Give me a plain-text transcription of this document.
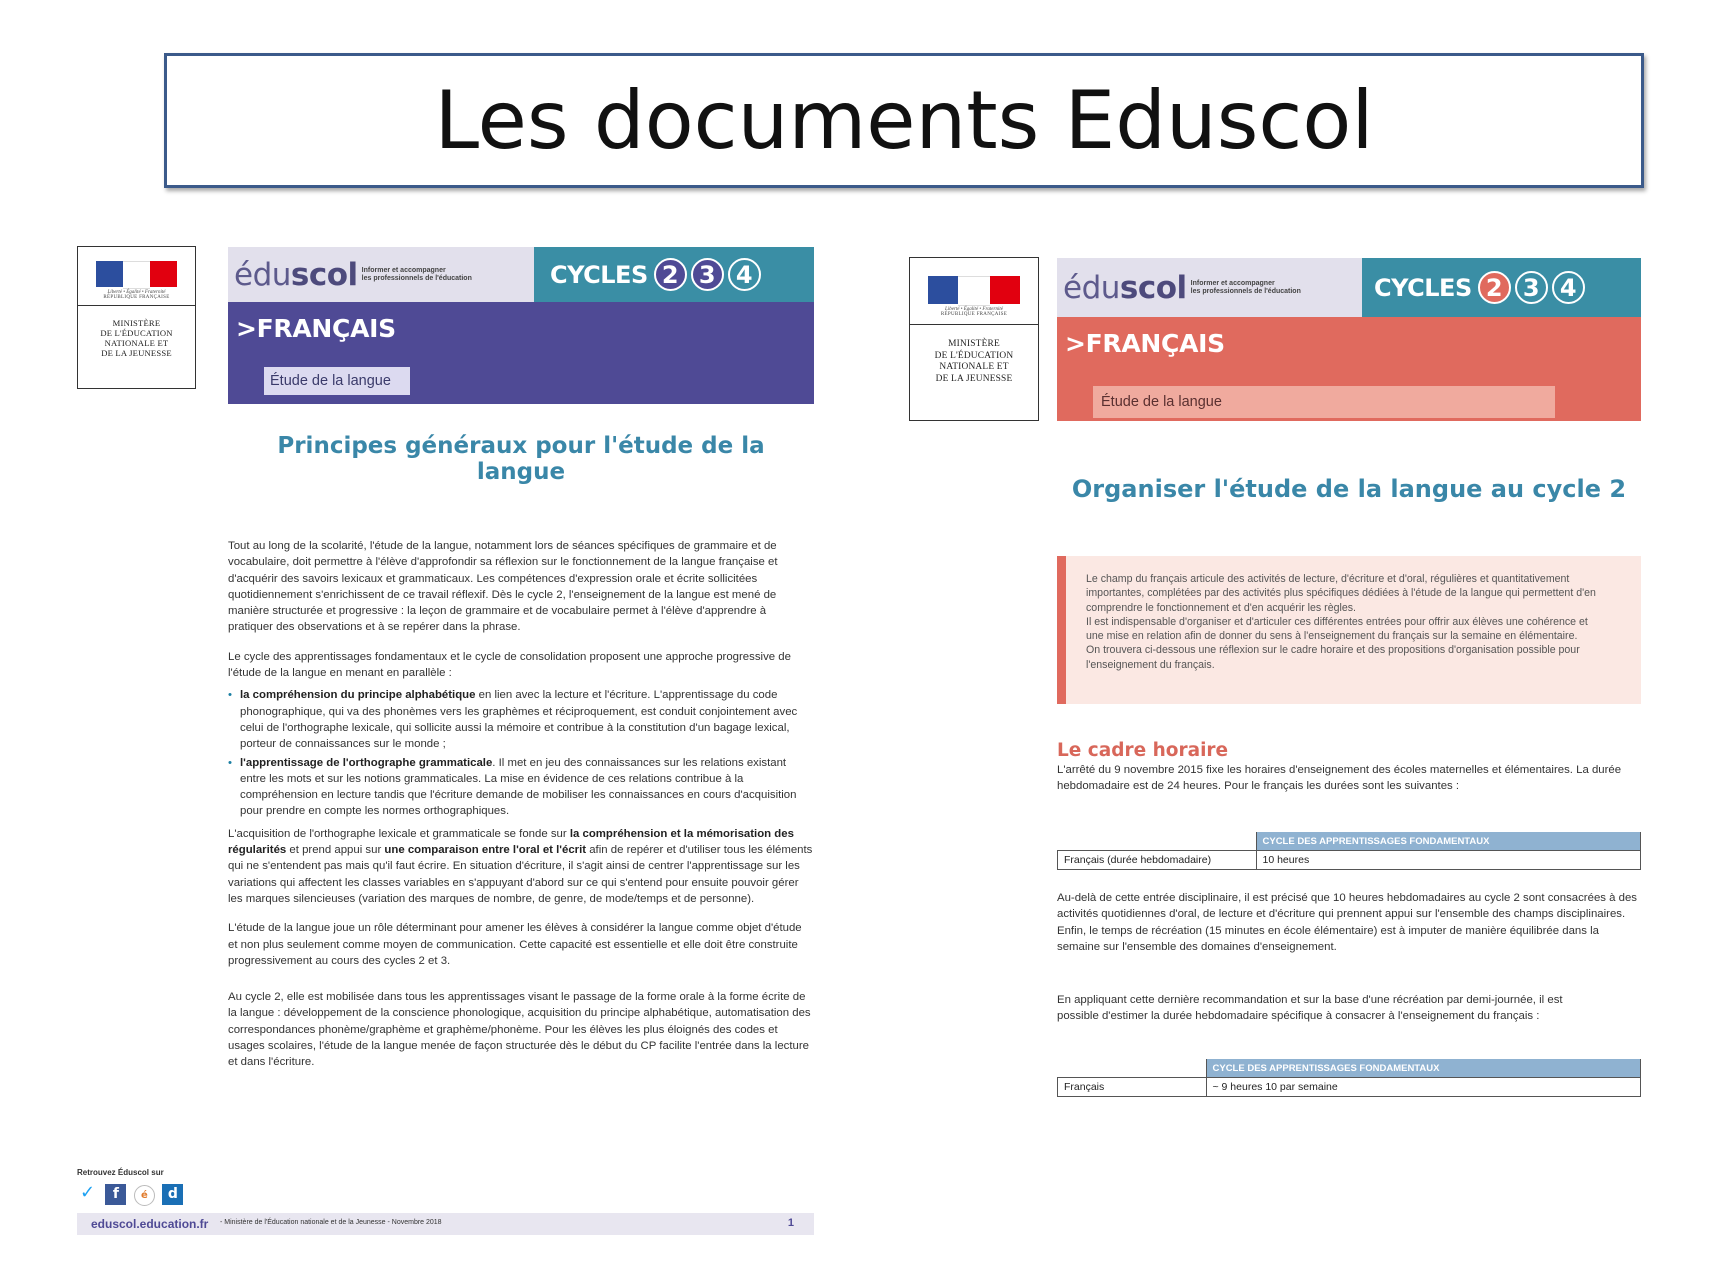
Les documents Eduscol
Liberté • Égalité • Fraternité
RÉPUBLIQUE FRANÇAISE
MINISTÈRE
DE L'ÉDUCATION
NATIONALE ET
DE LA JEUNESSE
éduscol Informer et accompagner
les professionnels de l'éducation	CYCLES 2 3 4
>FRANÇAIS
Étude de la langue
Principes généraux pour l'étude de la
langue

Tout au long de la scolarité, l'étude de la langue, notamment lors de séances spécifiques de grammaire et de vocabulaire, doit permettre à l'élève d'approfondir sa réflexion sur le fonctionnement de la langue française et d'acquérir des savoirs lexicaux et grammaticaux. Les compétences d'expression orale et écrite sollicitées quotidiennement s'enrichissent de ce travail réflexif. Dès le cycle 2, l'enseignement de la langue est mené de manière structurée et progressive : la leçon de grammaire et de vocabulaire permet à l'élève d'apprendre à pratiquer des observations et à se repérer dans la phrase.

Le cycle des apprentissages fondamentaux et le cycle de consolidation proposent une approche progressive de l'étude de la langue en menant en parallèle :

• la compréhension du principe alphabétique en lien avec la lecture et l'écriture. L'apprentissage du code phonographique, qui va des phonèmes vers les graphèmes et réciproquement, est conduit conjointement avec celui de l'orthographe lexicale, qui sollicite aussi la mémoire et contribue à la constitution d'un bagage lexical, porteur de connaissances sur le monde ;
• l'apprentissage de l'orthographe grammaticale. Il met en jeu des connaissances sur les relations existant entre les mots et sur les notions grammaticales. La mise en évidence de ces relations contribue à la compréhension en lecture tandis que l'écriture demande de mobiliser les connaissances en cours d'acquisition pour prendre en compte les normes orthographiques.

L'acquisition de l'orthographe lexicale et grammaticale se fonde sur la compréhension et la mémorisation des régularités et prend appui sur une comparaison entre l'oral et l'écrit afin de repérer et d'utiliser tous les éléments qui ne s'entendent pas mais qu'il faut écrire. En situation d'écriture, il s'agit ainsi de centrer l'apprentissage sur les variations qui affectent les classes variables en s'appuyant d'abord sur ce qui s'entend pour ensuite pouvoir gérer les marques silencieuses (variation des marques de nombre, de genre, de mode/temps et de personne).

L'étude de la langue joue un rôle déterminant pour amener les élèves à considérer la langue comme objet d'étude et non plus seulement comme moyen de communication. Cette capacité est essentielle et elle doit être construite progressivement au cours des cycles 2 et 3.

Au cycle 2, elle est mobilisée dans tous les apprentissages visant le passage de la forme orale à la forme écrite de la langue : développement de la conscience phonologique, acquisition du principe alphabétique, automatisation des correspondances phonème/graphème et graphème/phonème. Pour les élèves les plus éloignés des codes et usages scolaires, l'étude de la langue menée de façon structurée dès le début du CP facilite l'entrée dans la lecture et dans l'écriture.

Retrouvez Éduscol sur
✓ f é d
eduscol.education.fr - Ministère de l'Éducation nationale et de la Jeunesse - Novembre 2018	1
Liberté • Égalité • Fraternité
RÉPUBLIQUE FRANÇAISE
MINISTÈRE
DE L'ÉDUCATION
NATIONALE ET
DE LA JEUNESSE
éduscol Informer et accompagner
les professionnels de l'éducation	CYCLES 2 3 4
>FRANÇAIS
Étude de la langue
Organiser l'étude de la langue au cycle 2
Le champ du français articule des activités de lecture, d'écriture et d'oral, régulières et quantitativement importantes, complétées par des activités plus spécifiques dédiées à l'étude de la langue qui permettent d'en comprendre le fonctionnement et d'en acquérir les règles.
Il est indispensable d'organiser et d'articuler ces différentes entrées pour offrir aux élèves une cohérence et une mise en relation afin de donner du sens à l'enseignement du français sur la semaine en élémentaire.
On trouvera ci-dessous une réflexion sur le cadre horaire et des propositions d'organisation possible pour l'enseignement du français.
Le cadre horaire
L'arrêté du 9 novembre 2015 fixe les horaires d'enseignement des écoles maternelles et élémentaires. La durée hebdomadaire est de 24 heures. Pour le français les durées sont les suivantes :
	CYCLE DES APPRENTISSAGES FONDAMENTAUX
Français (durée hebdomadaire)	10 heures
Au-delà de cette entrée disciplinaire, il est précisé que 10 heures hebdomadaires au cycle 2 sont consacrées à des activités quotidiennes d'oral, de lecture et d'écriture qui prennent appui sur l'ensemble des champs disciplinaires. Enfin, le temps de récréation (15 minutes en école élémentaire) est à imputer de manière équilibrée dans la semaine sur l'ensemble des domaines d'enseignement.
En appliquant cette dernière recommandation et sur la base d'une récréation par demi-journée, il est possible d'estimer la durée hebdomadaire spécifique à consacrer à l'enseignement du français :
	CYCLE DES APPRENTISSAGES FONDAMENTAUX
Français	~ 9 heures 10 par semaine
